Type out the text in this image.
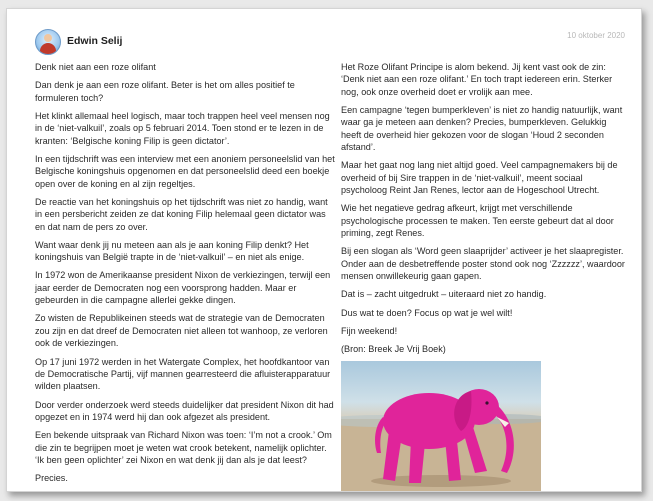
Edwin Selij	10 oktober 2020

Denk niet aan een roze olifant

Dan denk je aan een roze olifant. Beter is het om alles positief te formuleren toch?

Het klinkt allemaal heel logisch, maar toch trappen heel veel mensen nog in de ‘niet-valkuil’, zoals op 5 februari 2014. Toen stond er te lezen in de kranten: ‘Belgische koning Filip is geen dictator’.

In een tijdschrift was een interview met een anoniem personeelslid van het Belgische koningshuis opgenomen en dat personeelslid deed een boekje open over de koning en al zijn regeltjes.

De reactie van het koningshuis op het tijdschrift was niet zo handig, want in een persbericht zeiden ze dat koning Filip helemaal geen dictator was en dat nam de pers zo over.

Want waar denk jij nu meteen aan als je aan koning Filip denkt? Het koningshuis van België trapte in de ‘niet-valkuil’ – en niet als enige.

In 1972 won de Amerikaanse president Nixon de verkiezingen, terwijl een jaar eerder de Democraten nog een voorsprong hadden. Maar er gebeurden in die campagne allerlei gekke dingen.

Zo wisten de Republikeinen steeds wat de strategie van de Democraten zou zijn en dat dreef de Democraten niet alleen tot wanhoop, ze verloren ook de verkiezingen.

Op 17 juni 1972 werden in het Watergate Complex, het hoofdkantoor van de Democratische Partij, vijf mannen gearresteerd die afluisterapparatuur wilden plaatsen.

Door verder onderzoek werd steeds duidelijker dat president Nixon dit had opgezet en in 1974 werd hij dan ook afgezet als president.

Een bekende uitspraak van Richard Nixon was toen: ‘I’m not a crook.’ Om die zin te begrijpen moet je weten wat crook betekent, namelijk oplichter. ‘Ik ben geen oplichter’ zei Nixon en wat denk jij dan als je dat leest?

Precies.

Het Roze Olifant Principe is alom bekend. Jij kent vast ook de zin: ‘Denk niet aan een roze olifant.’ En toch trapt iedereen erin. Sterker nog, ook onze overheid doet er vrolijk aan mee.

Een campagne ‘tegen bumperkleven’ is niet zo handig natuurlijk, want waar ga je meteen aan denken? Precies, bumperkleven. Gelukkig heeft de overheid hier gekozen voor de slogan ‘Houd 2 seconden afstand’.

Maar het gaat nog lang niet altijd goed. Veel campagnemakers bij de overheid of bij Sire trappen in de ‘niet-valkuil’, meent sociaal psycholoog Reint Jan Renes, lector aan de Hogeschool Utrecht.

Wie het negatieve gedrag afkeurt, krijgt met verschillende psychologische processen te maken. Ten eerste gebeurt dat al door priming, zegt Renes.

Bij een slogan als ‘Word geen slaaprijder’ activeer je het slaapregister. Onder aan de desbetreffende poster stond ook nog ‘Zzzzzz’, waardoor mensen onwillekeurig gaan gapen.

Dat is – zacht uitgedrukt – uiteraard niet zo handig.

Dus wat te doen? Focus op wat je wel wilt!

Fijn weekend!

(Bron: Breek Je Vrij Boek)
